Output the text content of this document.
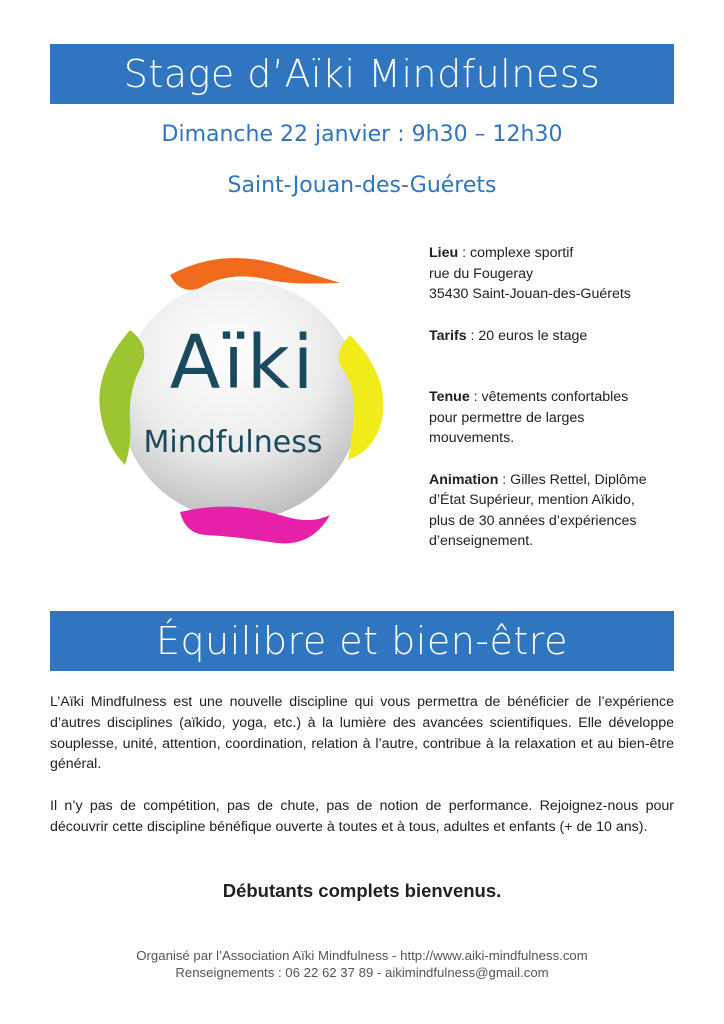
Stage d’Aïki Mindfulness
Dimanche 22 janvier : 9h30 – 12h30
Saint-Jouan-des-Guérets
Aïki
Mindfulness

Lieu : complexe sportif

rue du Fougeray

35430 Saint-Jouan-des-Guérets

Tarifs : 20 euros le stage

Tenue : vêtements confortables

pour permettre de larges

mouvements.

Animation : Gilles Rettel, Diplôme

d’État Supérieur, mention Aïkido,

plus de 30 années d’expériences

d’enseignement.

Équilibre et bien-être

L’Aïki Mindfulness est une nouvelle discipline qui vous permettra de bénéficier de l’expérience d’autres disciplines (aïkido, yoga, etc.) à la lumière des avancées scientifiques. Elle développe souplesse, unité, attention, coordination, relation à l’autre, contribue à la relaxation et au bien-être général.

Il n’y pas de compétition, pas de chute, pas de notion de performance. Rejoignez-nous pour découvrir cette discipline bénéfique ouverte à toutes et à tous, adultes et enfants (+ de 10 ans).

Débutants complets bienvenus.
Organisé par l’Association Aïki Mindfulness - http://www.aiki-mindfulness.com
Renseignements : 06 22 62 37 89 - aikimindfulness@gmail.com
